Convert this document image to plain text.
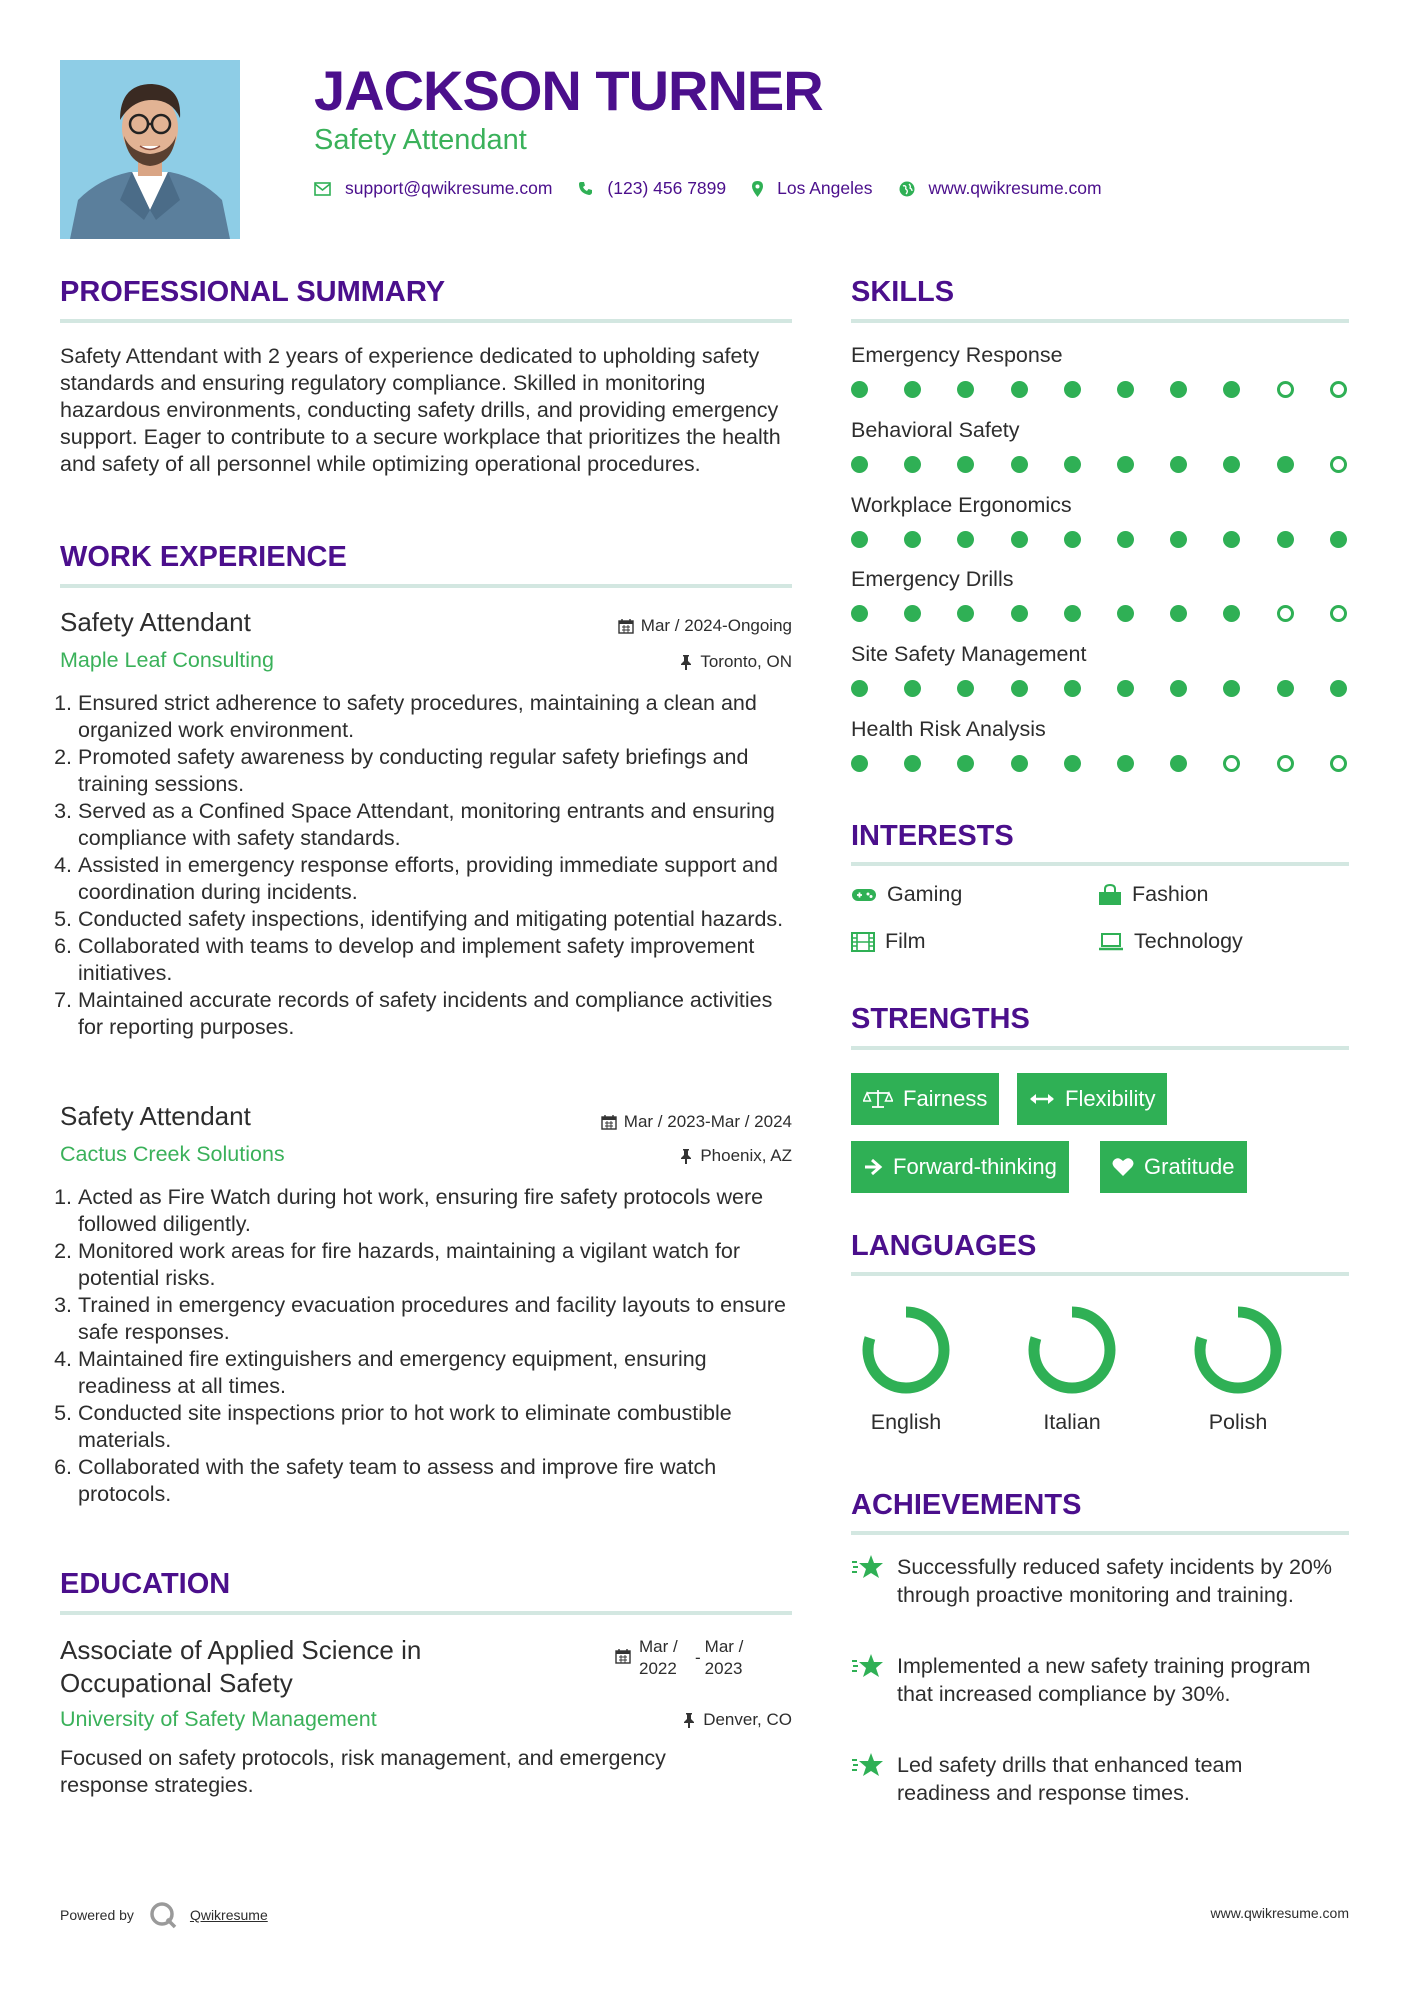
JACKSON TURNER
Safety Attendant
support@qwikresume.com	(123) 456 7899	Los Angeles	www.qwikresume.com
PROFESSIONAL SUMMARY
Safety Attendant with 2 years of experience dedicated to upholding safety standards and ensuring regulatory compliance. Skilled in monitoring hazardous environments, conducting safety drills, and providing emergency support. Eager to contribute to a secure workplace that prioritizes the health and safety of all personnel while optimizing operational procedures.
WORK EXPERIENCE
Safety Attendant	Mar / 2024-Ongoing
Maple Leaf Consulting	Toronto, ON
1. Ensured strict adherence to safety procedures, maintaining a clean and organized work environment.
2. Promoted safety awareness by conducting regular safety briefings and training sessions.
3. Served as a Confined Space Attendant, monitoring entrants and ensuring compliance with safety standards.
4. Assisted in emergency response efforts, providing immediate support and coordination during incidents.
5. Conducted safety inspections, identifying and mitigating potential hazards.
6. Collaborated with teams to develop and implement safety improvement initiatives.
7. Maintained accurate records of safety incidents and compliance activities for reporting purposes.
Safety Attendant	Mar / 2023-Mar / 2024
Cactus Creek Solutions	Phoenix, AZ
1. Acted as Fire Watch during hot work, ensuring fire safety protocols were followed diligently.
2. Monitored work areas for fire hazards, maintaining a vigilant watch for potential risks.
3. Trained in emergency evacuation procedures and facility layouts to ensure safe responses.
4. Maintained fire extinguishers and emergency equipment, ensuring readiness at all times.
5. Conducted site inspections prior to hot work to eliminate combustible materials.
6. Collaborated with the safety team to assess and improve fire watch protocols.
EDUCATION
Associate of Applied Science in Occupational Safety
Mar / 2022
-
Mar / 2023
University of Safety Management	Denver, CO
Focused on safety protocols, risk management, and emergency response strategies.
SKILLS
Emergency Response
Behavioral Safety
Workplace Ergonomics
Emergency Drills
Site Safety Management
Health Risk Analysis
INTERESTS
Gaming	Fashion
Film	Technology
STRENGTHS
Fairness	Flexibility
Forward-thinking	Gratitude
LANGUAGES
English	Italian	Polish
ACHIEVEMENTS
Successfully reduced safety incidents by 20% through proactive monitoring and training.
Implemented a new safety training program that increased compliance by 30%.
Led safety drills that enhanced team readiness and response times.
Powered by	Qwikresume	www.qwikresume.com
